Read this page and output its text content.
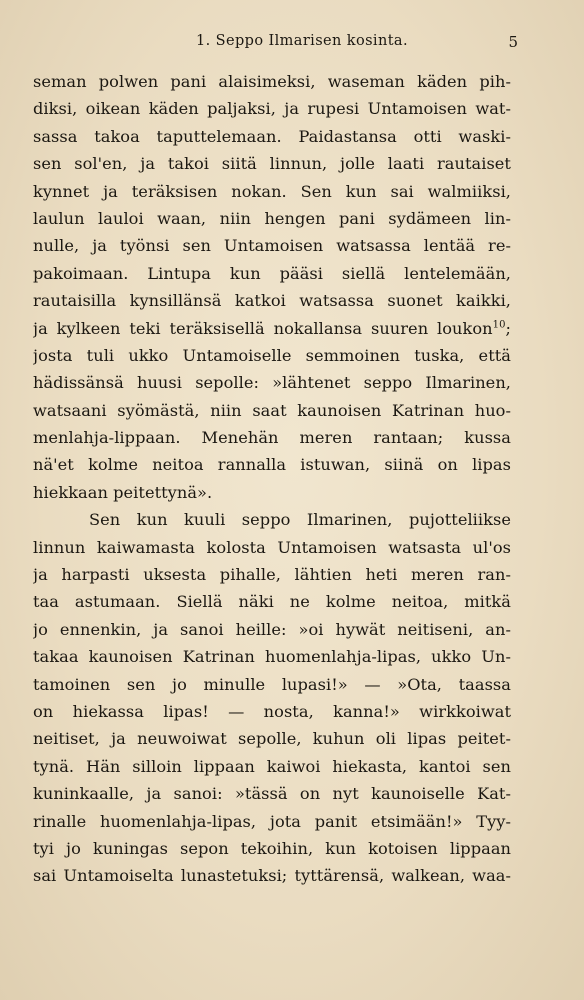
1. Seppo Ilmarisen kosinta.	5
seman polwen pani alaisimeksi, waseman käden pih-
diksi, oikean käden paljaksi, ja rupesi Untamoisen wat-
sassa takoa taputtelemaan. Paidastansa otti waski-
sen sol'en, ja takoi siitä linnun, jolle laati rautaiset
kynnet ja teräksisen nokan. Sen kun sai walmiiksi,
laulun lauloi waan, niin hengen pani sydämeen lin-
nulle, ja työnsi sen Untamoisen watsassa lentää re-
pakoimaan. Lintupa kun pääsi siellä lentelemään,
rautaisilla kynsillänsä katkoi watsassa suonet kaikki,
ja kylkeen teki teräksisellä nokallansa suuren loukon$^{10}$;
josta tuli ukko Untamoiselle semmoinen tuska, että
hädissänsä huusi sepolle: »lähtenet seppo Ilmarinen,
watsaani syömästä, niin saat kaunoisen Katrinan huo-
menlahja-lippaan. Menehän meren rantaan; kussa
nä'et kolme neitoa rannalla istuwan, siinä on lipas
hiekkaan peitettynä».
Sen kun kuuli seppo Ilmarinen, pujotteliikse
linnun kaiwamasta kolosta Untamoisen watsasta ul'os
ja harpasti uksesta pihalle, lähtien heti meren ran-
taa astumaan. Siellä näki ne kolme neitoa, mitkä
jo ennenkin, ja sanoi heille: »oi hywät neitiseni, an-
takaa kaunoisen Katrinan huomenlahja-lipas, ukko Un-
tamoinen sen jo minulle lupasi!» — »Ota, taassa
on hiekassa lipas! — nosta, kanna!» wirkkoiwat
neitiset, ja neuwoiwat sepolle, kuhun oli lipas peitet-
tynä. Hän silloin lippaan kaiwoi hiekasta, kantoi sen
kuninkaalle, ja sanoi: »tässä on nyt kaunoiselle Kat-
rinalle huomenlahja-lipas, jota panit etsimään!» Tyy-
tyi jo kuningas sepon tekoihin, kun kotoisen lippaan
sai Untamoiselta lunastetuksi; tyttärensä, walkean, waa-
